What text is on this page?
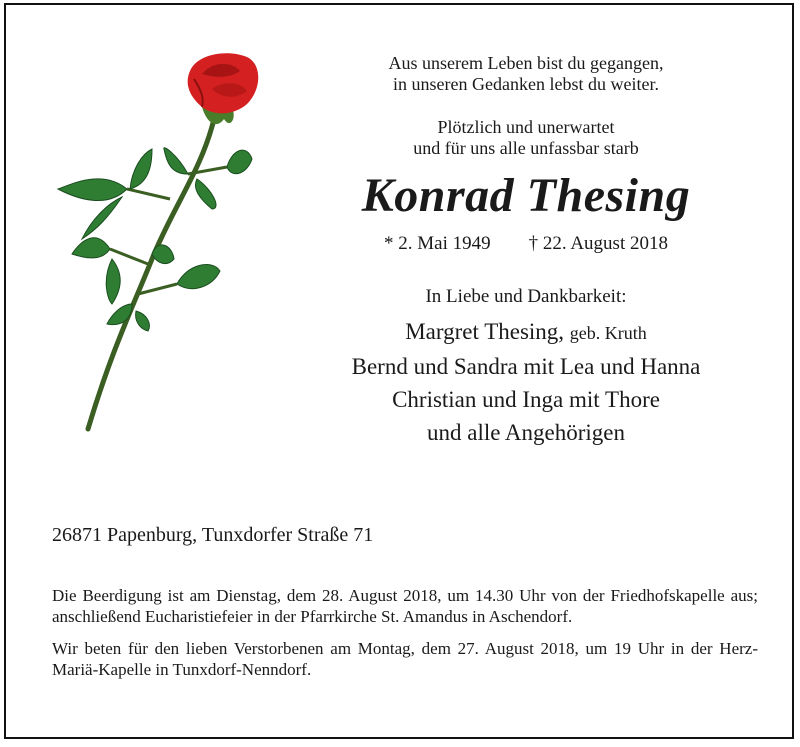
Aus unserem Leben bist du gegangen,

in unseren Gedanken lebst du weiter.

Plötzlich und unerwartet

und für uns alle unfassbar starb

Konrad Thesing
* 2. Mai 1949 † 22. August 2018
In Liebe und Dankbarkeit:
Margret Thesing, geb. Kruth
Bernd und Sandra mit Lea und Hanna
Christian und Inga mit Thore
und alle Angehörigen
26871 Papenburg, Tunxdorfer Straße 71

Die Beerdigung ist am Dienstag, dem 28. August 2018, um 14.30 Uhr von der Friedhofskapelle aus; anschließend Eucharistiefeier in der Pfarrkirche St. Amandus in Aschendorf.

Wir beten für den lieben Verstorbenen am Montag, dem 27. August 2018, um 19 Uhr in der Herz-Mariä-Kapelle in Tunxdorf-Nenndorf.
